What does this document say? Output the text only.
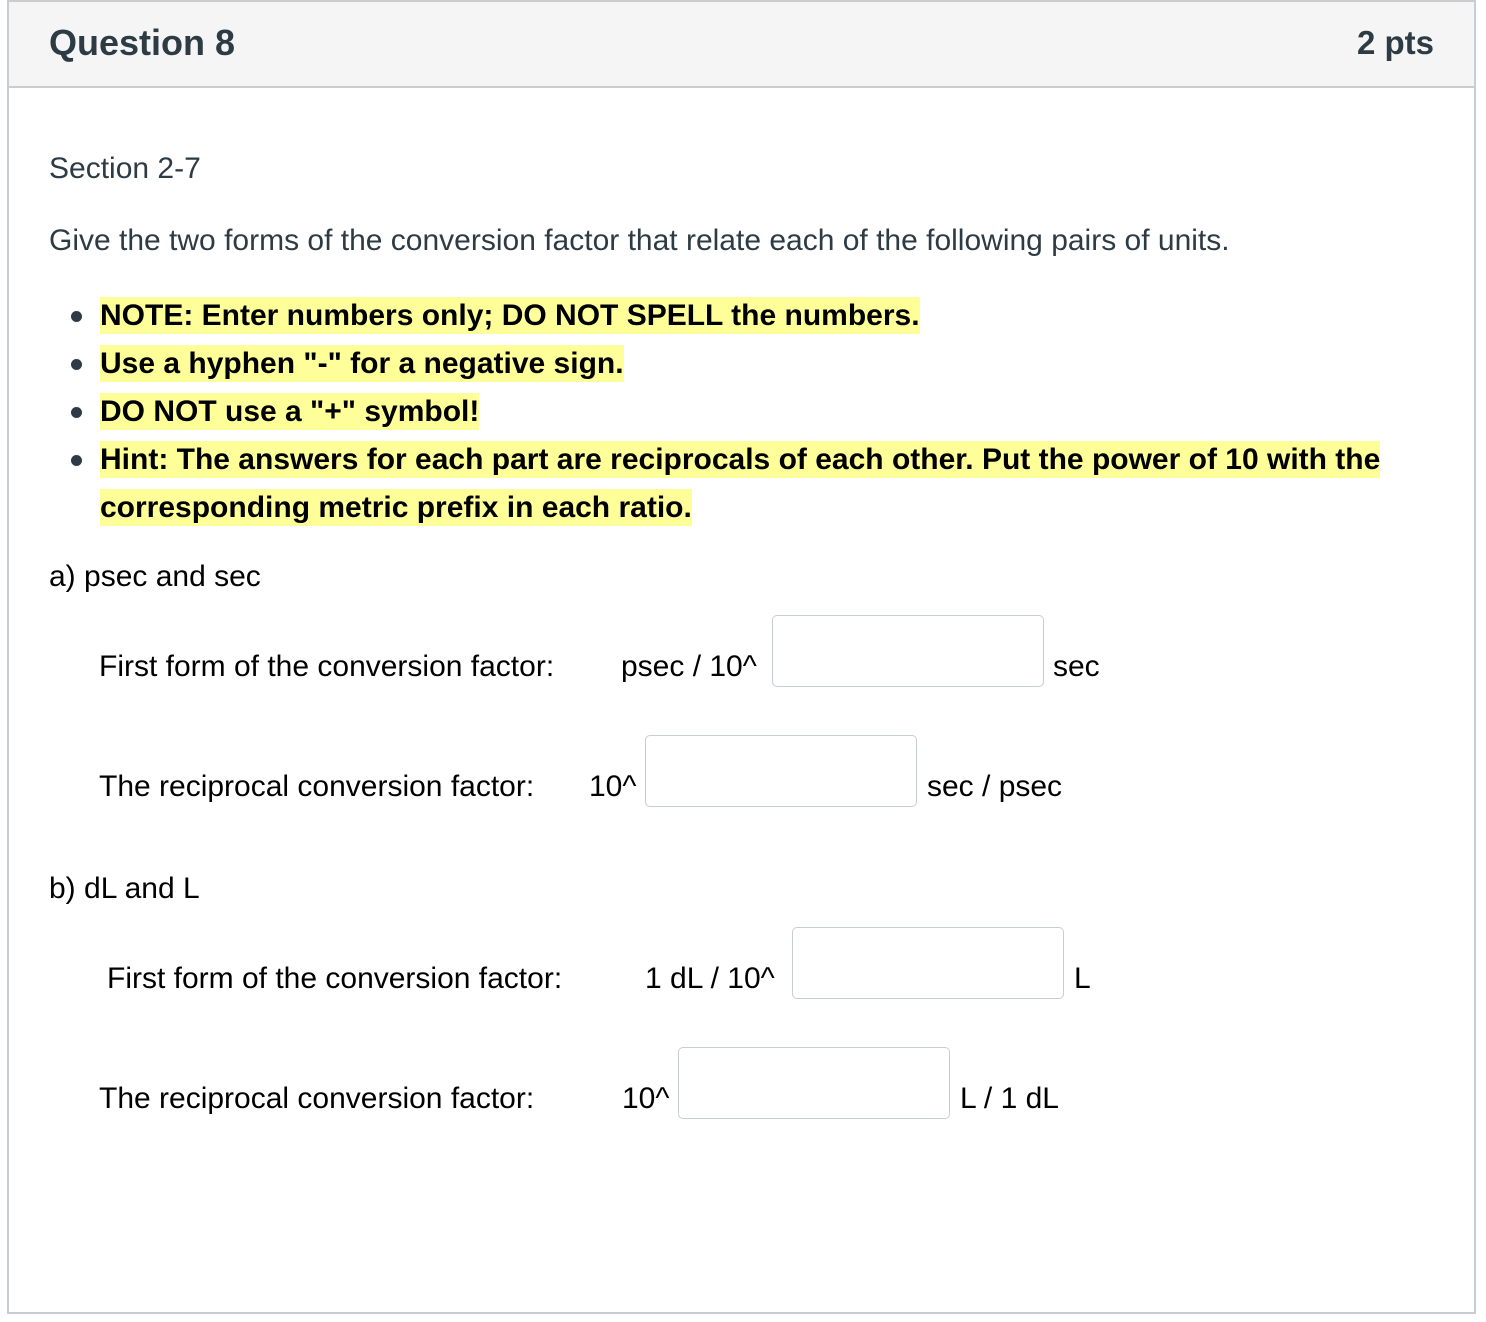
Question 8	2 pts
Section 2-7
Give the two forms of the conversion factor that relate each of the following pairs of units.
NOTE: Enter numbers only; DO NOT SPELL the numbers.
Use a hyphen "-" for a negative sign.
DO NOT use a "+" symbol!
Hint: The answers for each part are reciprocals of each other. Put the power of 10 with the corresponding metric prefix in each ratio.
a) psec and sec
First form of the conversion factor: psec / 10^	sec
The reciprocal conversion factor: 10^	sec / psec
b) dL and L
First form of the conversion factor:	1 dL / 10^	L
The reciprocal conversion factor:	10^	L / 1 dL
